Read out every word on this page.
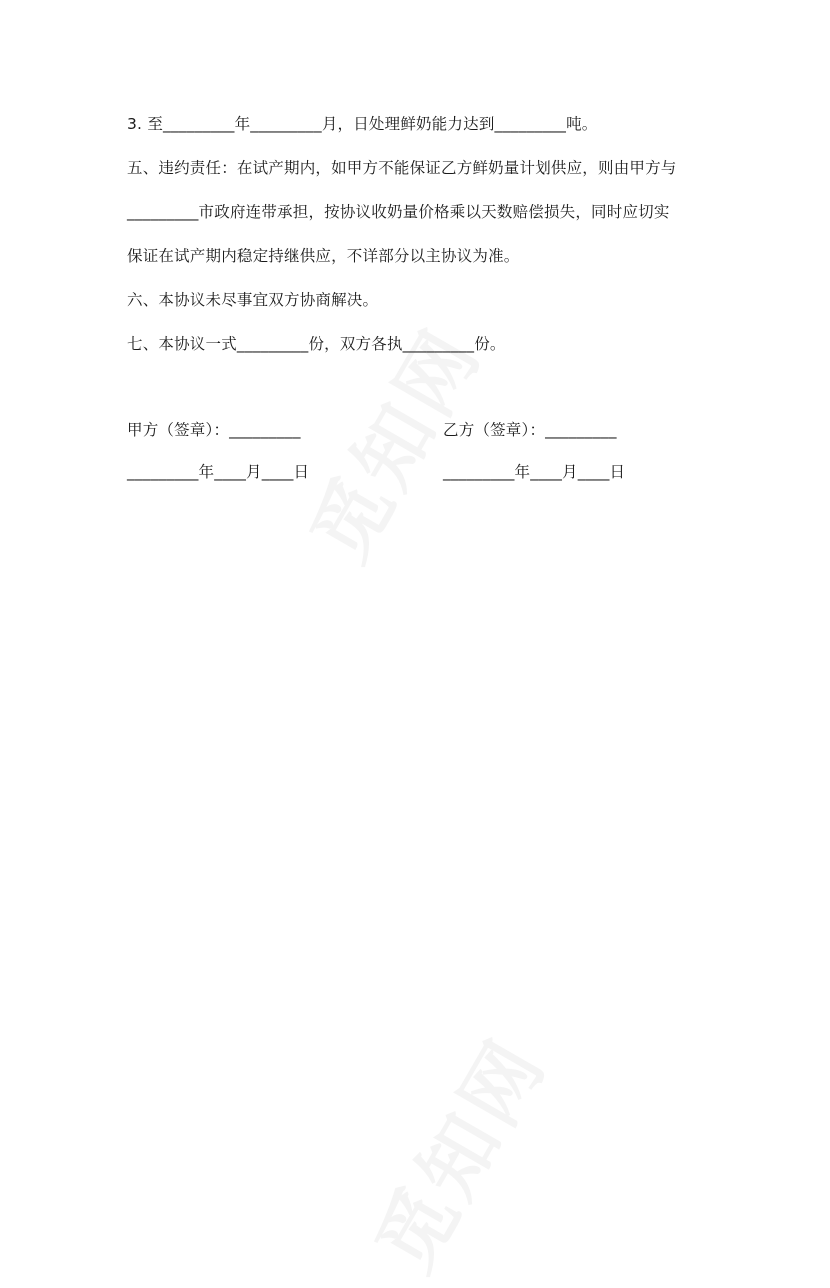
3. 至_________年_________月，日处理鲜奶能力达到_________吨。
五、违约责任：在试产期内，如甲方不能保证乙方鲜奶量计划供应，则由甲方与
_________市政府连带承担，按协议收奶量价格乘以天数赔偿损失，同时应切实
保证在试产期内稳定持继供应，不详部分以主协议为准。
六、本协议未尽事宜双方协商解决。
七、本协议一式_________份，双方各执_________份。
甲方（签章）：_________
_________年____月____日
乙方（签章）：_________
_________年____月____日
